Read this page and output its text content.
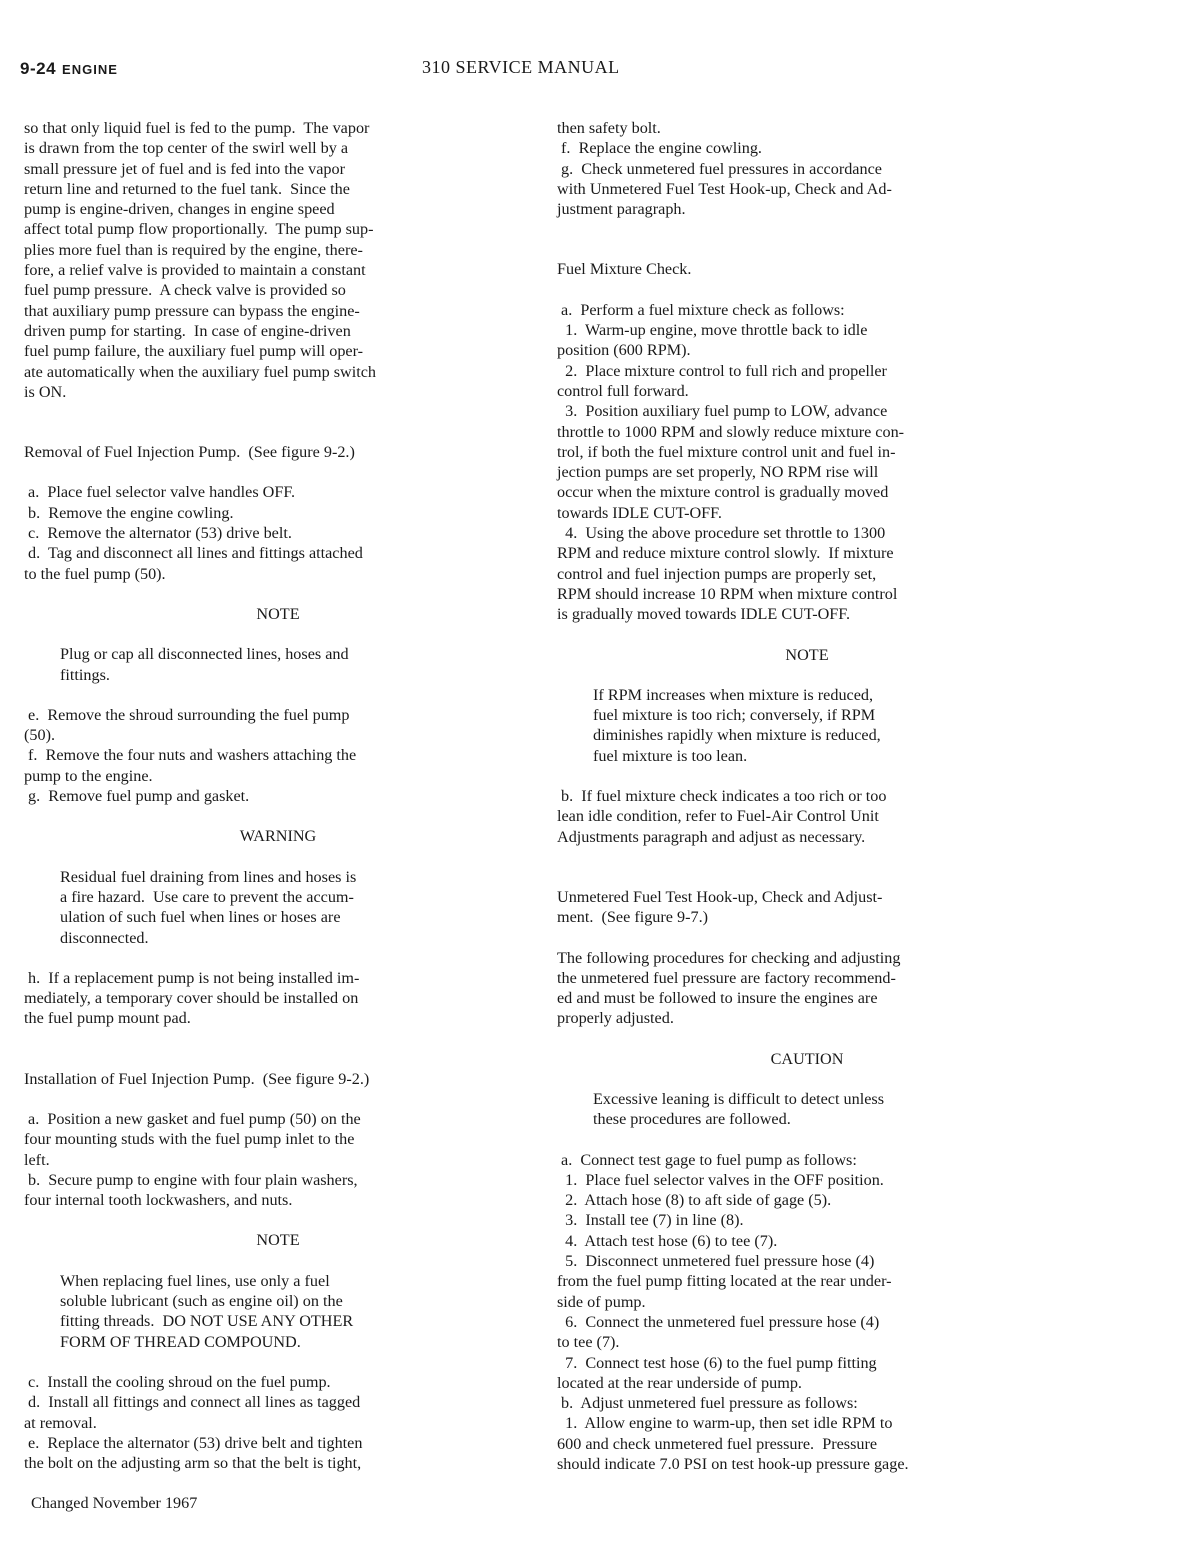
9-24 ENGINE	310 SERVICE MANUAL
so that only liquid fuel is fed to the pump.  The vapor
is drawn from the top center of the swirl well by a
small pressure jet of fuel and is fed into the vapor
return line and returned to the fuel tank.  Since the
pump is engine-driven, changes in engine speed
affect total pump flow proportionally.  The pump sup-
plies more fuel than is required by the engine, there-
fore, a relief valve is provided to maintain a constant
fuel pump pressure.  A check valve is provided so
that auxiliary pump pressure can bypass the engine-
driven pump for starting.  In case of engine-driven
fuel pump failure, the auxiliary fuel pump will oper-
ate automatically when the auxiliary fuel pump switch
is ON.
Removal of Fuel Injection Pump.  (See figure 9-2.)
a.  Place fuel selector valve handles OFF.
b.  Remove the engine cowling.
c.  Remove the alternator (53) drive belt.
d.  Tag and disconnect all lines and fittings attached
to the fuel pump (50).
NOTE
Plug or cap all disconnected lines, hoses and
fittings.
e.  Remove the shroud surrounding the fuel pump
(50).
f.  Remove the four nuts and washers attaching the
pump to the engine.
g.  Remove fuel pump and gasket.
WARNING
Residual fuel draining from lines and hoses is
a fire hazard.  Use care to prevent the accum-
ulation of such fuel when lines or hoses are
disconnected.
h.  If a replacement pump is not being installed im-
mediately, a temporary cover should be installed on
the fuel pump mount pad.
Installation of Fuel Injection Pump.  (See figure 9-2.)
a.  Position a new gasket and fuel pump (50) on the
four mounting studs with the fuel pump inlet to the
left.
b.  Secure pump to engine with four plain washers,
four internal tooth lockwashers, and nuts.
NOTE
When replacing fuel lines, use only a fuel
soluble lubricant (such as engine oil) on the
fitting threads.  DO NOT USE ANY OTHER
FORM OF THREAD COMPOUND.
c.  Install the cooling shroud on the fuel pump.
d.  Install all fittings and connect all lines as tagged
at removal.
e.  Replace the alternator (53) drive belt and tighten
the bolt on the adjusting arm so that the belt is tight,
then safety bolt.
f.  Replace the engine cowling.
g.  Check unmetered fuel pressures in accordance
with Unmetered Fuel Test Hook-up, Check and Ad-
justment paragraph.
Fuel Mixture Check.
a.  Perform a fuel mixture check as follows:
1.  Warm-up engine, move throttle back to idle
position (600 RPM).
2.  Place mixture control to full rich and propeller
control full forward.
3.  Position auxiliary fuel pump to LOW, advance
throttle to 1000 RPM and slowly reduce mixture con-
trol, if both the fuel mixture control unit and fuel in-
jection pumps are set properly, NO RPM rise will
occur when the mixture control is gradually moved
towards IDLE CUT-OFF.
4.  Using the above procedure set throttle to 1300
RPM and reduce mixture control slowly.  If mixture
control and fuel injection pumps are properly set,
RPM should increase 10 RPM when mixture control
is gradually moved towards IDLE CUT-OFF.
NOTE
If RPM increases when mixture is reduced,
fuel mixture is too rich; conversely, if RPM
diminishes rapidly when mixture is reduced,
fuel mixture is too lean.
b.  If fuel mixture check indicates a too rich or too
lean idle condition, refer to Fuel-Air Control Unit
Adjustments paragraph and adjust as necessary.
Unmetered Fuel Test Hook-up, Check and Adjust-
ment.  (See figure 9-7.)
The following procedures for checking and adjusting
the unmetered fuel pressure are factory recommend-
ed and must be followed to insure the engines are
properly adjusted.
CAUTION
Excessive leaning is difficult to detect unless
these procedures are followed.
a.  Connect test gage to fuel pump as follows:
1.  Place fuel selector valves in the OFF position.
2.  Attach hose (8) to aft side of gage (5).
3.  Install tee (7) in line (8).
4.  Attach test hose (6) to tee (7).
5.  Disconnect unmetered fuel pressure hose (4)
from the fuel pump fitting located at the rear under-
side of pump.
6.  Connect the unmetered fuel pressure hose (4)
to tee (7).
7.  Connect test hose (6) to the fuel pump fitting
located at the rear underside of pump.
b.  Adjust unmetered fuel pressure as follows:
1.  Allow engine to warm-up, then set idle RPM to
600 and check unmetered fuel pressure.  Pressure
should indicate 7.0 PSI on test hook-up pressure gage.
Changed November 1967
